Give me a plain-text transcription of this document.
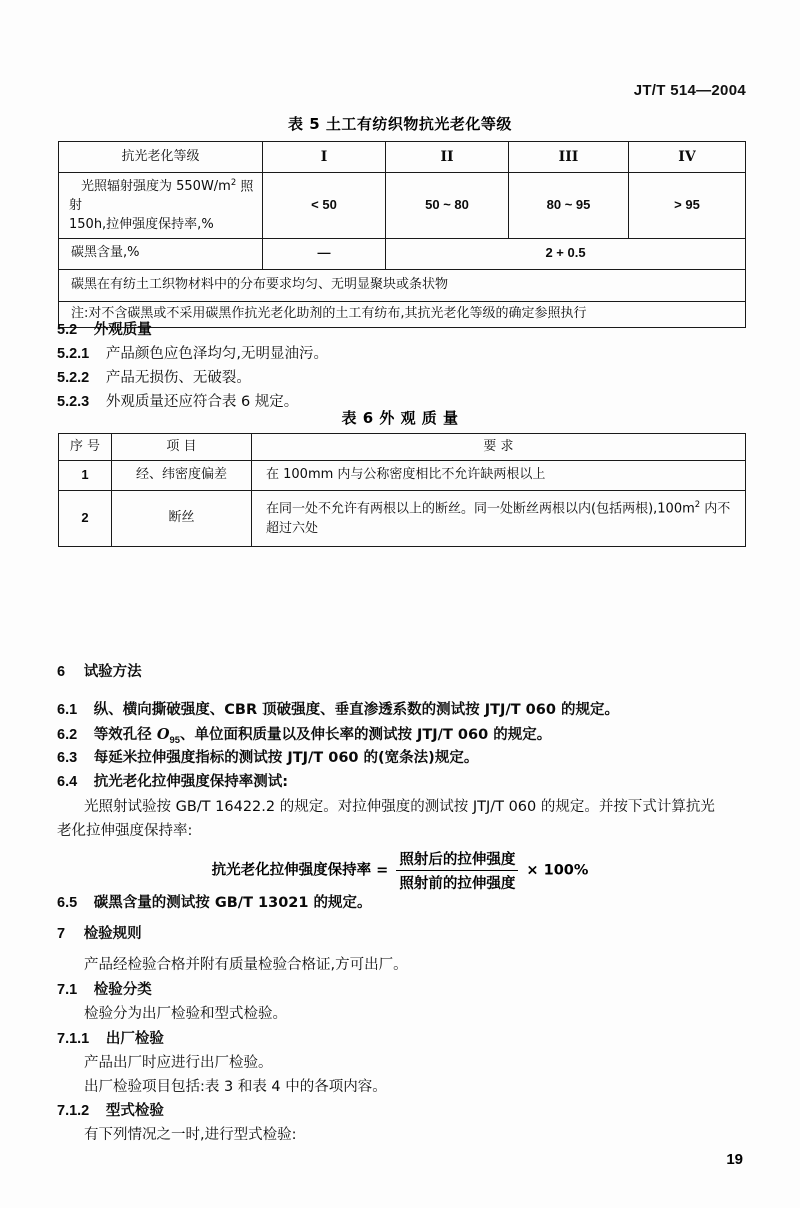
JT/T 514—2004
表 5 土工有纺织物抗光老化等级
抗光老化等级	I	II	III	IV
光照辐射强度为 $550W/m^2$ 照射
150h,拉伸强度保持率,%	< 50	50 ~ 80	80 ~ 95	> 95
碳黑含量,%	—	2 + 0.5		
碳黑在有纺土工织物材料中的分布要求均匀、无明显聚块或条状物				
注:对不含碳黑或不采用碳黑作抗光老化助剂的土工有纺布,其抗光老化等级的确定参照执行				
5.2 外观质量
5.2.1 产品颜色应色泽均匀,无明显油污。
5.2.2 产品无损伤、无破裂。
5.2.3 外观质量还应符合表 6 规定。
表 6 外 观 质 量
序 号	项 目	要 求
1	经、纬密度偏差	在 100mm 内与公称密度相比不允许缺两根以上
2	断丝	在同一处不允许有两根以上的断丝。同一处断丝两根以内(包括两根)$,100m^2$ 内不
超过六处
6 试验方法
6.1 纵、横向撕破强度、CBR 顶破强度、垂直渗透系数的测试按 JTJ/T 060 的规定。
6.2 等效孔径 $O_{95}$、单位面积质量以及伸长率的测试按 JTJ/T 060 的规定。
6.3 每延米拉伸强度指标的测试按 JTJ/T 060 的(宽条法)规定。
6.4 抗光老化拉伸强度保持率测试:
光照射试验按 GB/T 16422.2 的规定。对拉伸强度的测试按 JTJ/T 060 的规定。并按下式计算抗光
老化拉伸强度保持率:
抗光老化拉伸强度保持率 = $\frac{\text{照射后的拉伸强度}}{\text{照射前的拉伸强度}} \times 100\%$
6.5 碳黑含量的测试按 GB/T 13021 的规定。
7 检验规则
产品经检验合格并附有质量检验合格证,方可出厂。
7.1 检验分类
检验分为出厂检验和型式检验。
7.1.1 出厂检验
产品出厂时应进行出厂检验。
出厂检验项目包括:表 3 和表 4 中的各项内容。
7.1.2 型式检验
有下列情况之一时,进行型式检验:
19
